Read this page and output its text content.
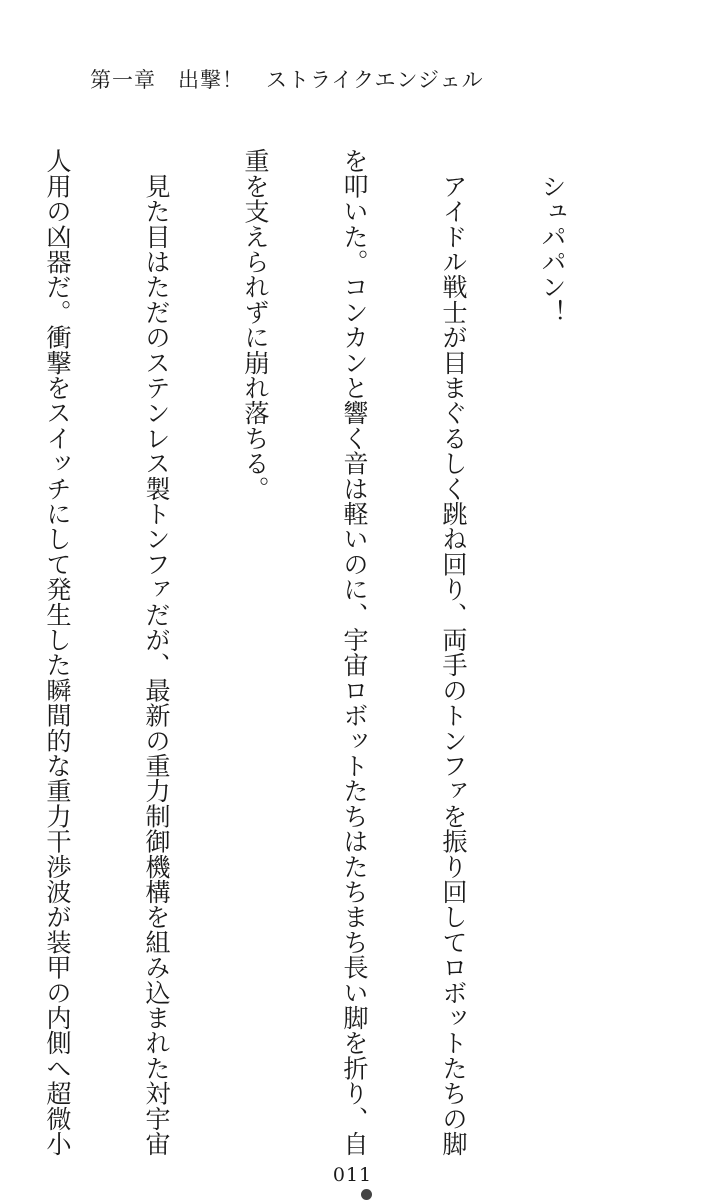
第一章　出撃！　ストライクエンジェル

　シュパパン！

　アイドル戦士が目まぐるしく跳ね回り、両手のトンファを振り回してロボットたちの脚

を叩いた。コンカンと響く音は軽いのに、宇宙ロボットたちはたちまち長い脚を折り、自

重を支えられずに崩れ落ちる。

　見た目はただのステンレス製トンファだが、最新の重力制御機構を組み込まれた対宇宙

人用の凶器だ。衝撃をスイッチにして発生した瞬間的な重力干渉波が装甲の内側へ超微小

011
